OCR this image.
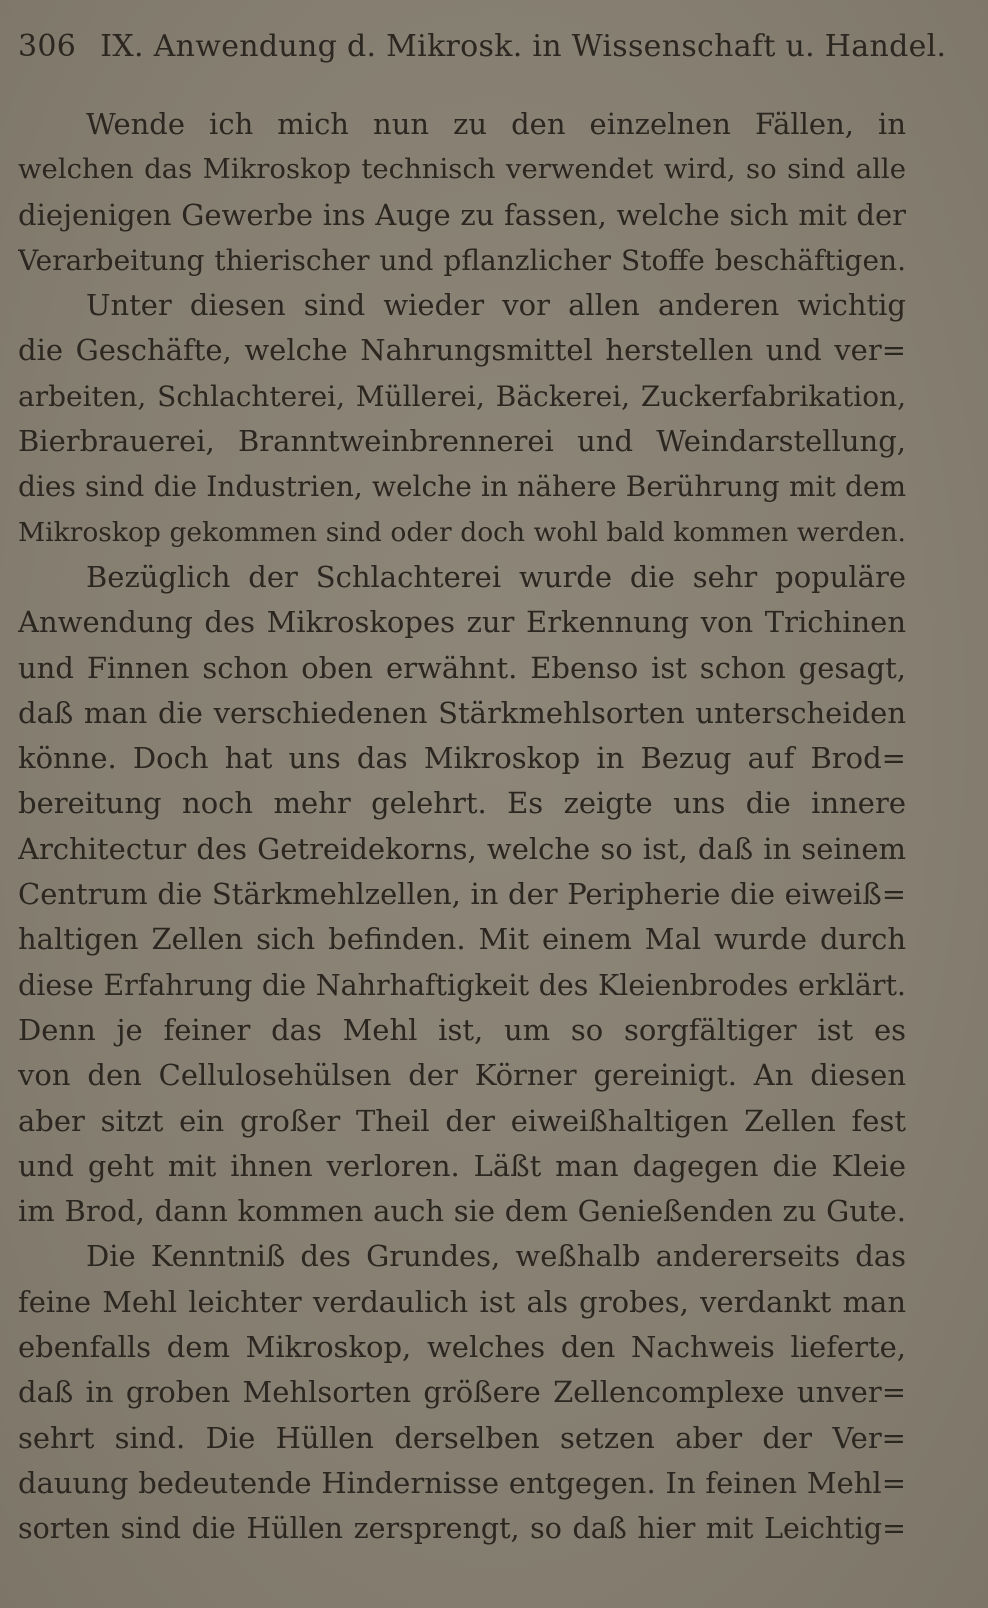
306 IX. Anwendung d. Mikrosk. in Wissenschaft u. Handel.
Wende ich mich nun zu den einzelnen Fällen, in
welchen das Mikroskop technisch verwendet wird, so sind alle
diejenigen Gewerbe ins Auge zu fassen, welche sich mit der
Verarbeitung thierischer und pflanzlicher Stoffe beschäftigen.
Unter diesen sind wieder vor allen anderen wichtig
die Geschäfte, welche Nahrungsmittel herstellen und ver=
arbeiten, Schlachterei, Müllerei, Bäckerei, Zuckerfabrikation,
Bierbrauerei, Branntweinbrennerei und Weindarstellung,
dies sind die Industrien, welche in nähere Berührung mit dem
Mikroskop gekommen sind oder doch wohl bald kommen werden.
Bezüglich der Schlachterei wurde die sehr populäre
Anwendung des Mikroskopes zur Erkennung von Trichinen
und Finnen schon oben erwähnt. Ebenso ist schon gesagt,
daß man die verschiedenen Stärkmehlsorten unterscheiden
könne. Doch hat uns das Mikroskop in Bezug auf Brod=
bereitung noch mehr gelehrt. Es zeigte uns die innere
Architectur des Getreidekorns, welche so ist, daß in seinem
Centrum die Stärkmehlzellen, in der Peripherie die eiweiß=
haltigen Zellen sich befinden. Mit einem Mal wurde durch
diese Erfahrung die Nahrhaftigkeit des Kleienbrodes erklärt.
Denn je feiner das Mehl ist, um so sorgfältiger ist es
von den Cellulosehülsen der Körner gereinigt. An diesen
aber sitzt ein großer Theil der eiweißhaltigen Zellen fest
und geht mit ihnen verloren. Läßt man dagegen die Kleie
im Brod, dann kommen auch sie dem Genießenden zu Gute.
Die Kenntniß des Grundes, weßhalb andererseits das
feine Mehl leichter verdaulich ist als grobes, verdankt man
ebenfalls dem Mikroskop, welches den Nachweis lieferte,
daß in groben Mehlsorten größere Zellencomplexe unver=
sehrt sind. Die Hüllen derselben setzen aber der Ver=
dauung bedeutende Hindernisse entgegen. In feinen Mehl=
sorten sind die Hüllen zersprengt, so daß hier mit Leichtig=
